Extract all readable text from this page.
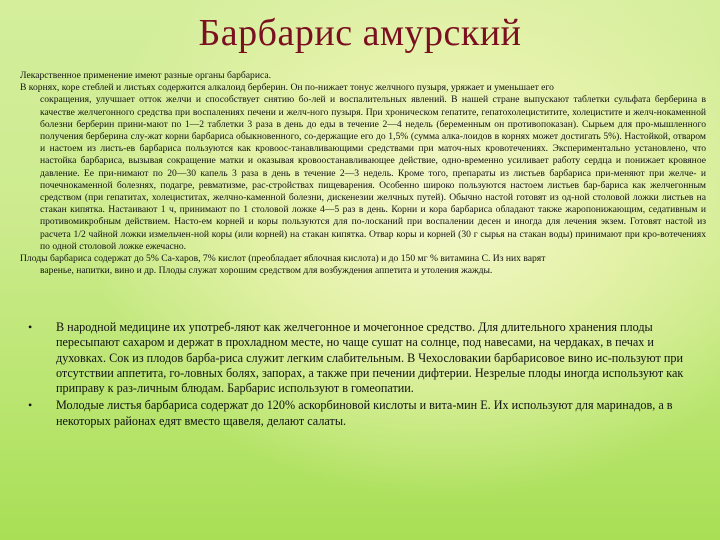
Барбарис амурский

Лекарственное применение имеют разные органы барбариса.

В корнях, коре стеблей и листьях содержится алкалоид берберин. Он по-нижает тонус желчного пузыря, уряжает и уменьшает его

сокращения, улучшает отток желчи и способствует снятию бо-лей и воспалительных явлений. В нашей стране выпускают таблетки сульфата берберина в качестве желчегонного средства при воспалениях печени и желч-ного пузыря. При хроническом гепатите, гепатохолециститите, холецистите и желч-нокаменной болезни берберин прини-мают по 1—2 таблетки 3 раза в день до еды в течение 2—4 недель (беременным он противопоказан). Сырьем для про-мышленного получения берберина слу-жат корни барбариса обыкновенного, со-держащие его до 1,5% (сумма алка-лоидов в корнях может достигать 5%). Настойкой, отваром и настоем из листь-ев барбариса пользуются как кровоос-танавливающими средствами при маточ-ных кровотечениях. Экспериментально установлено, что настойка барбариса, вызывая сокращение матки и оказывая кровоостанавливающее действие, одно-временно усиливает работу сердца и понижает кровяное давление. Ее при-нимают по 20—30 капель 3 раза в день в течение 2—3 недель. Кроме того, препараты из листьев барбариса при-меняют при желче- и почечнокаменной болезнях, подагре, ревматизме, рас-стройствах пищеварения. Особенно широко пользуются настоем листьев бар-бариса как желчегонным средством (при гепатитах, холециститах, желчно-каменной болезни, дискенезии желчных путей). Обычно настой готовят из од-ной столовой ложки листьев на стакан кипятка. Настаивают 1 ч, принимают по 1 столовой ложке 4—5 раз в день. Корни и кора барбариса обладают также жаропонижающим, седативным и противомикробным действием. Насто-ем корней и коры пользуются для по-лосканий при воспалении десен и иногда для лечения экзем. Готовят настой из расчета 1/2 чайной ложки измельчен-ной коры (или корней) на стакан кипятка. Отвар коры и корней (30 г сырья на стакан воды) принимают при кро-вотечениях по одной столовой ложке ежечасно.

Плоды барбариса содержат до 5% Са-харов, 7% кислот (преобладает яблочная кислота) и до 150 мг % витамина С. Из них варят

варенье, напитки, вино и др. Плоды служат хорошим средством для возбуждения аппетита и утоления жажды.

• В народной медицине их употреб-ляют как желчегонное и мочегонное средство. Для длительного хранения плоды пересыпают сахаром и держат в прохладном месте, но чаще сушат на солнце, под навесами, на чердаках, в печах и духовках. Сок из плодов барба-риса служит легким слабительным. В Чехословакии барбарисовое вино ис-пользуют при отсутствии аппетита, го-ловных болях, запорах, а также при печении дифтерии. Незрелые плоды иногда используют как приправу к раз-личным блюдам. Барбарис используют в гомеопатии.
• Молодые листья барбариса содержат до 120% аскорбиновой кислоты и вита-мин Е. Их используют для маринадов, а в некоторых районах едят вместо щавеля, делают салаты.
